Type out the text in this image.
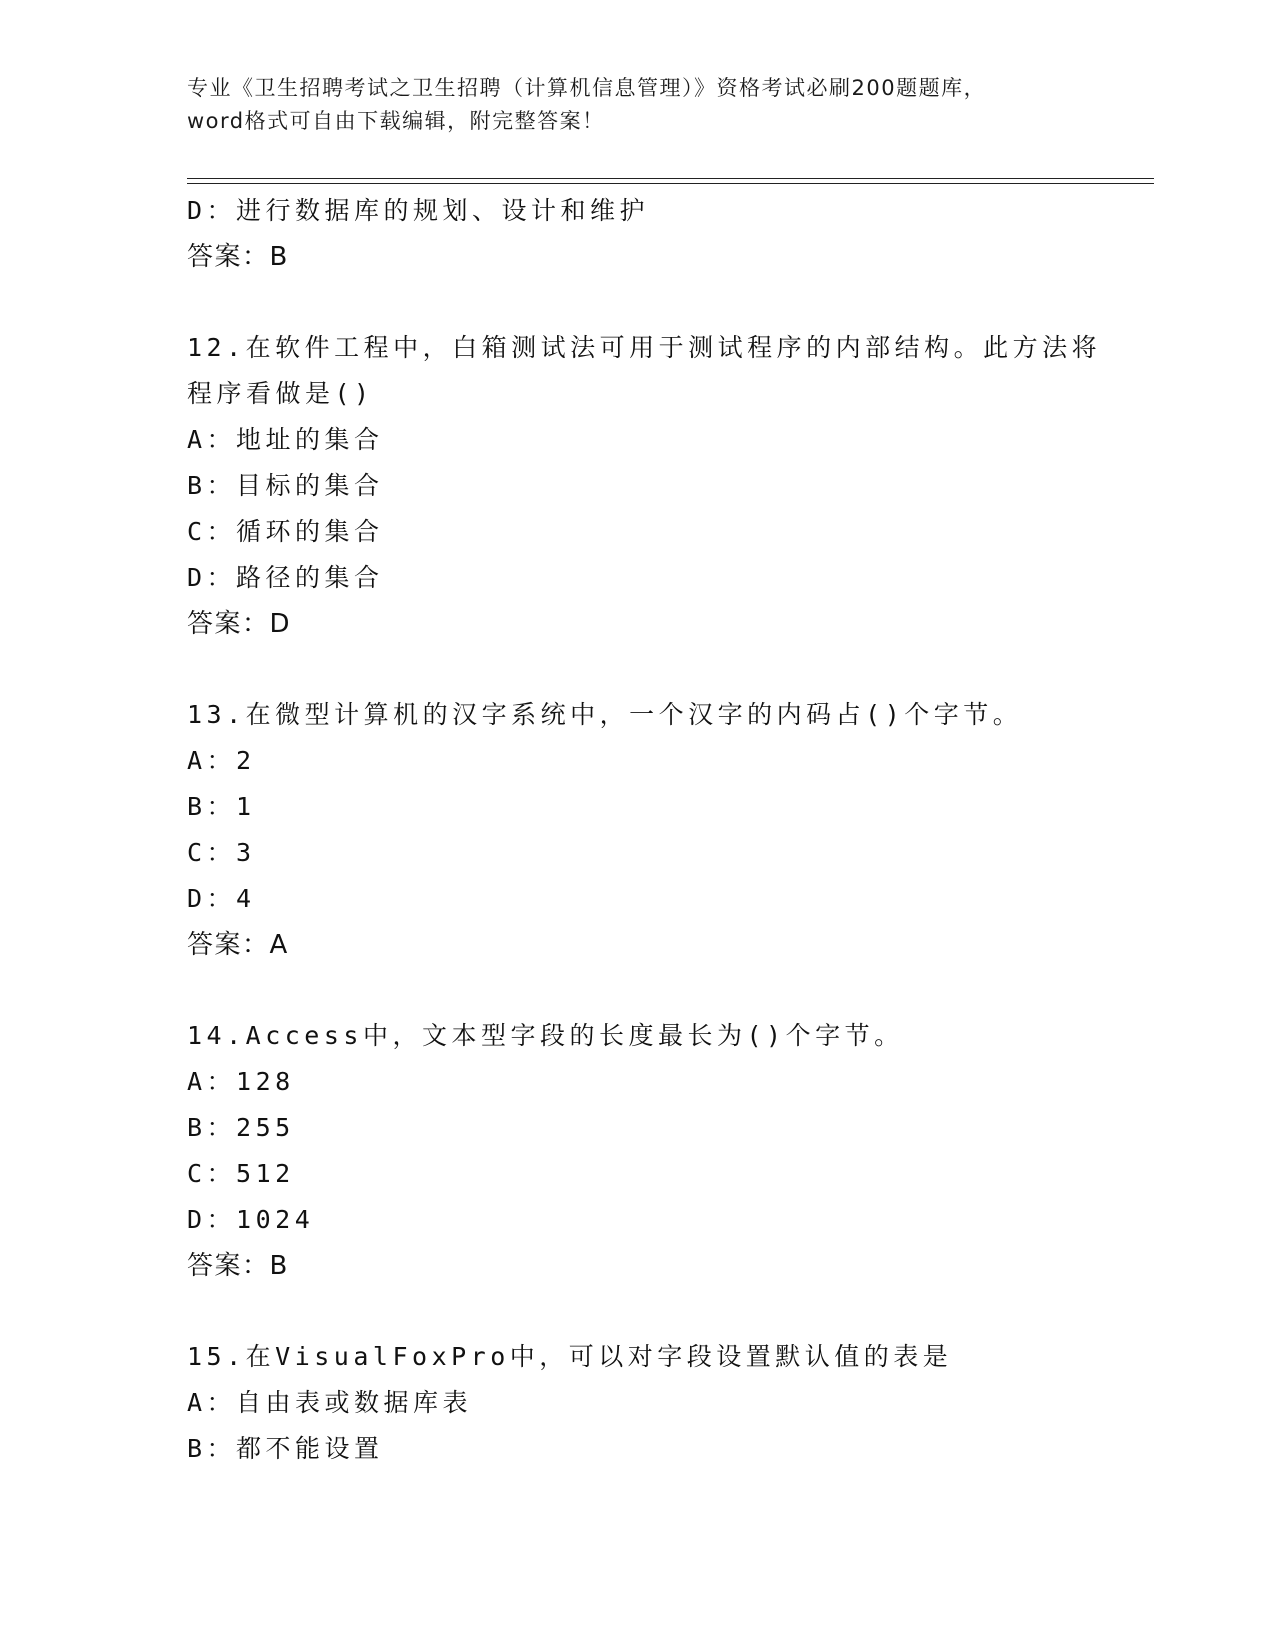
专业《卫生招聘考试之卫生招聘（计算机信息管理）》资格考试必刷200题题库，
word格式可自由下载编辑，附完整答案！
D：进行数据库的规划、设计和维护
答案：B
12.在软件工程中，白箱测试法可用于测试程序的内部结构。此方法将
程序看做是()
A：地址的集合
B：目标的集合
C：循环的集合
D：路径的集合
答案：D
13.在微型计算机的汉字系统中，一个汉字的内码占()个字节。
A：2
B：1
C：3
D：4
答案：A
14.Access中，文本型字段的长度最长为()个字节。
A：128
B：255
C：512
D：1024
答案：B
15.在VisualFoxPro中，可以对字段设置默认值的表是
A：自由表或数据库表
B：都不能设置
